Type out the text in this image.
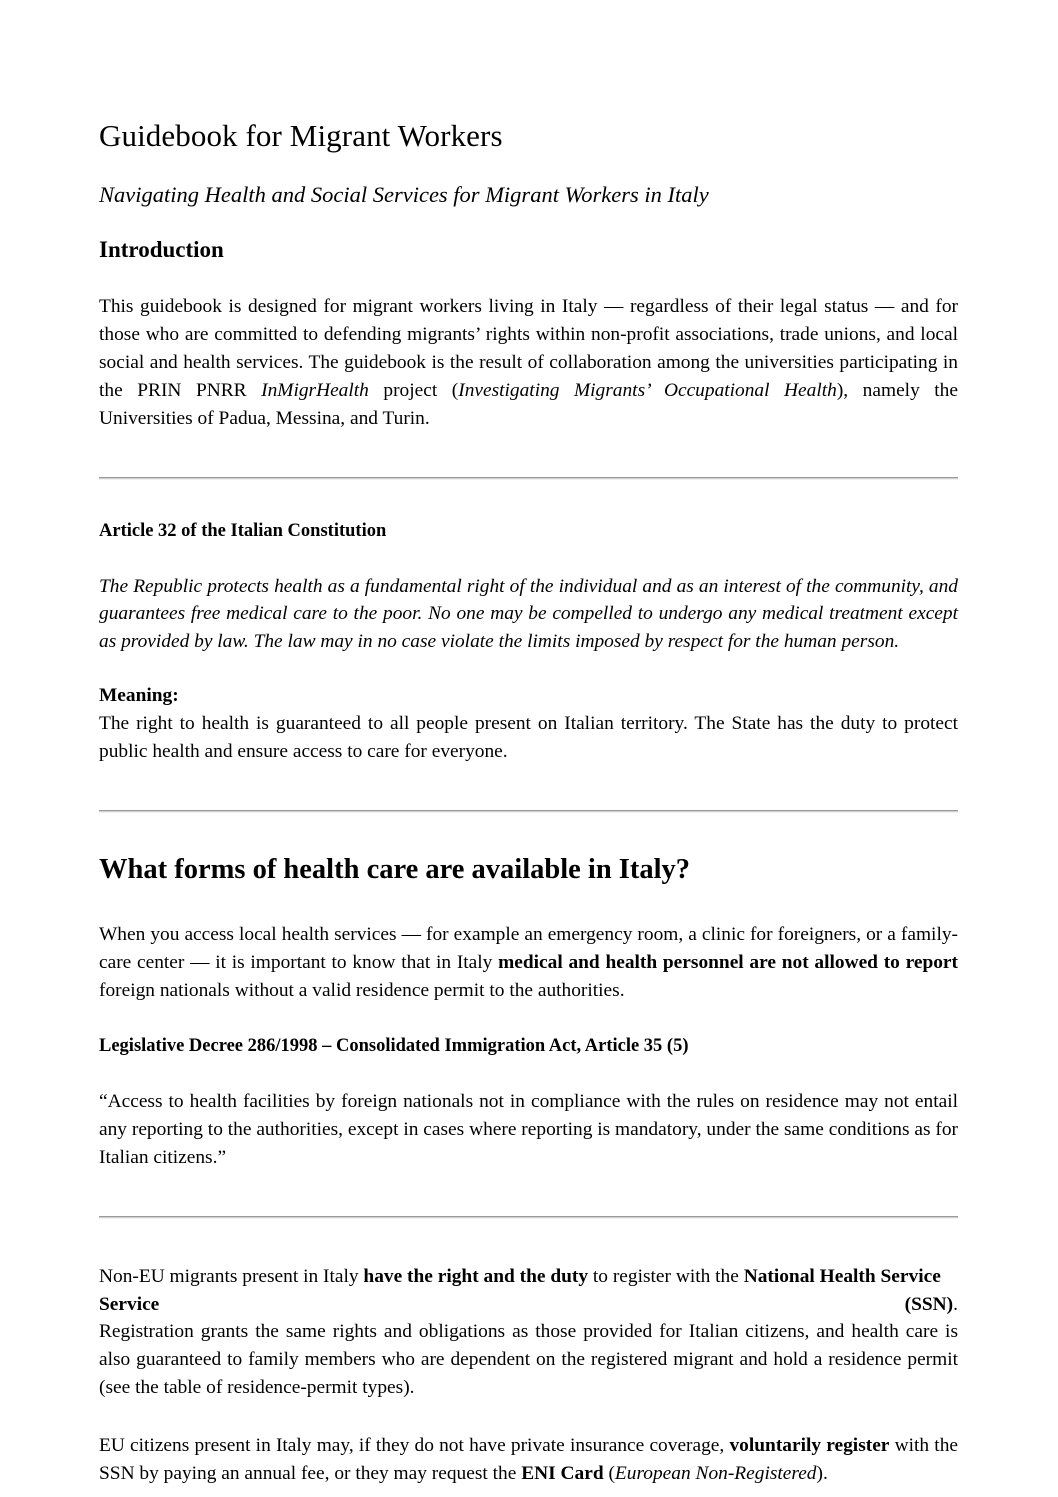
Guidebook for Migrant Workers
Navigating Health and Social Services for Migrant Workers in Italy
Introduction

This guidebook is designed for migrant workers living in Italy — regardless of their legal status — and for those who are committed to defending migrants’ rights within non-profit associations, trade unions, and local social and health services. The guidebook is the result of collaboration among the universities participating in the PRIN PNRR InMigrHealth project (Investigating Migrants’ Occupational Health), namely the Universities of Padua, Messina, and Turin.

Article 32 of the Italian Constitution

The Republic protects health as a fundamental right of the individual and as an interest of the community, and guarantees free medical care to the poor. No one may be compelled to undergo any medical treatment except as provided by law. The law may in no case violate the limits imposed by respect for the human person.

Meaning:

The right to health is guaranteed to all people present on Italian territory. The State has the duty to protect public health and ensure access to care for everyone.

What forms of health care are available in Italy?

When you access local health services — for example an emergency room, a clinic for foreigners, or a family-care center — it is important to know that in Italy medical and health personnel are not allowed to report foreign nationals without a valid residence permit to the authorities.

Legislative Decree 286/1998 – Consolidated Immigration Act, Article 35 (5)

“Access to health facilities by foreign nationals not in compliance with the rules on residence may not entail any reporting to the authorities, except in cases where reporting is mandatory, under the same conditions as for Italian citizens.”

Non-EU migrants present in Italy have the right and the duty to register with the National Health Service

Service	(SSN).

Registration grants the same rights and obligations as those provided for Italian citizens, and health care is also guaranteed to family members who are dependent on the registered migrant and hold a residence permit (see the table of residence-permit types).

EU citizens present in Italy may, if they do not have private insurance coverage, voluntarily register with the SSN by paying an annual fee, or they may request the ENI Card (European Non-Registered).
